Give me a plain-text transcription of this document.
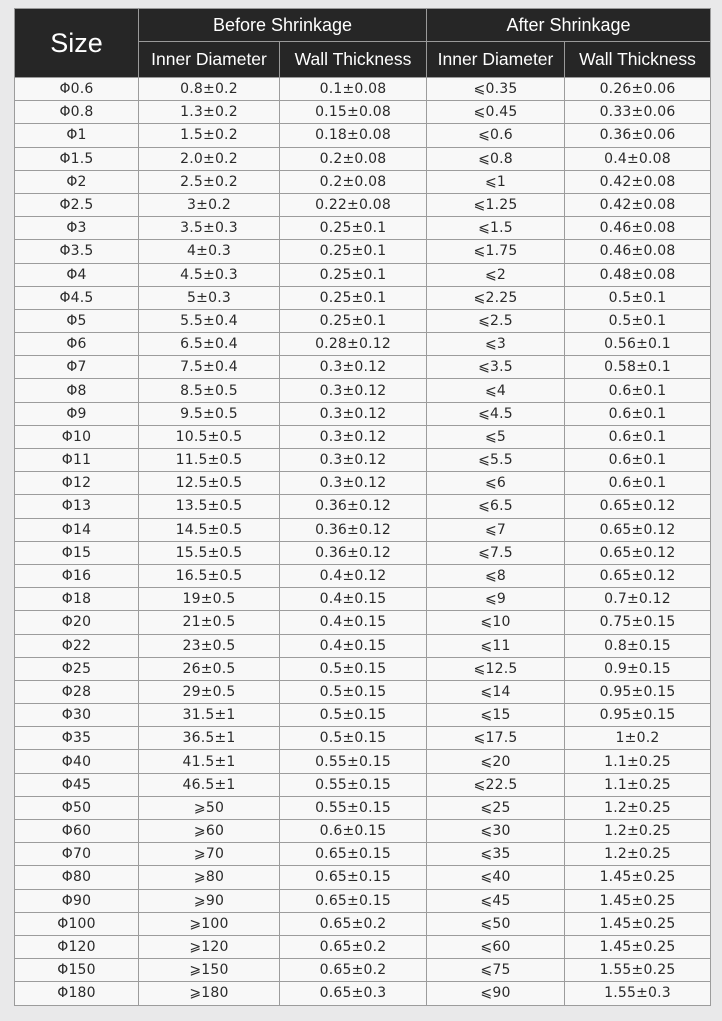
Size	Before Shrinkage		After Shrinkage	
	Inner Diameter	Wall Thickness	Inner Diameter	Wall Thickness
Φ0.6	0.8±0.2	0.1±0.08	⩽0.35	0.26±0.06
Φ0.8	1.3±0.2	0.15±0.08	⩽0.45	0.33±0.06
Φ1	1.5±0.2	0.18±0.08	⩽0.6	0.36±0.06
Φ1.5	2.0±0.2	0.2±0.08	⩽0.8	0.4±0.08
Φ2	2.5±0.2	0.2±0.08	⩽1	0.42±0.08
Φ2.5	3±0.2	0.22±0.08	⩽1.25	0.42±0.08
Φ3	3.5±0.3	0.25±0.1	⩽1.5	0.46±0.08
Φ3.5	4±0.3	0.25±0.1	⩽1.75	0.46±0.08
Φ4	4.5±0.3	0.25±0.1	⩽2	0.48±0.08
Φ4.5	5±0.3	0.25±0.1	⩽2.25	0.5±0.1
Φ5	5.5±0.4	0.25±0.1	⩽2.5	0.5±0.1
Φ6	6.5±0.4	0.28±0.12	⩽3	0.56±0.1
Φ7	7.5±0.4	0.3±0.12	⩽3.5	0.58±0.1
Φ8	8.5±0.5	0.3±0.12	⩽4	0.6±0.1
Φ9	9.5±0.5	0.3±0.12	⩽4.5	0.6±0.1
Φ10	10.5±0.5	0.3±0.12	⩽5	0.6±0.1
Φ11	11.5±0.5	0.3±0.12	⩽5.5	0.6±0.1
Φ12	12.5±0.5	0.3±0.12	⩽6	0.6±0.1
Φ13	13.5±0.5	0.36±0.12	⩽6.5	0.65±0.12
Φ14	14.5±0.5	0.36±0.12	⩽7	0.65±0.12
Φ15	15.5±0.5	0.36±0.12	⩽7.5	0.65±0.12
Φ16	16.5±0.5	0.4±0.12	⩽8	0.65±0.12
Φ18	19±0.5	0.4±0.15	⩽9	0.7±0.12
Φ20	21±0.5	0.4±0.15	⩽10	0.75±0.15
Φ22	23±0.5	0.4±0.15	⩽11	0.8±0.15
Φ25	26±0.5	0.5±0.15	⩽12.5	0.9±0.15
Φ28	29±0.5	0.5±0.15	⩽14	0.95±0.15
Φ30	31.5±1	0.5±0.15	⩽15	0.95±0.15
Φ35	36.5±1	0.5±0.15	⩽17.5	1±0.2
Φ40	41.5±1	0.55±0.15	⩽20	1.1±0.25
Φ45	46.5±1	0.55±0.15	⩽22.5	1.1±0.25
Φ50	⩾50	0.55±0.15	⩽25	1.2±0.25
Φ60	⩾60	0.6±0.15	⩽30	1.2±0.25
Φ70	⩾70	0.65±0.15	⩽35	1.2±0.25
Φ80	⩾80	0.65±0.15	⩽40	1.45±0.25
Φ90	⩾90	0.65±0.15	⩽45	1.45±0.25
Φ100	⩾100	0.65±0.2	⩽50	1.45±0.25
Φ120	⩾120	0.65±0.2	⩽60	1.45±0.25
Φ150	⩾150	0.65±0.2	⩽75	1.55±0.25
Φ180	⩾180	0.65±0.3	⩽90	1.55±0.3
